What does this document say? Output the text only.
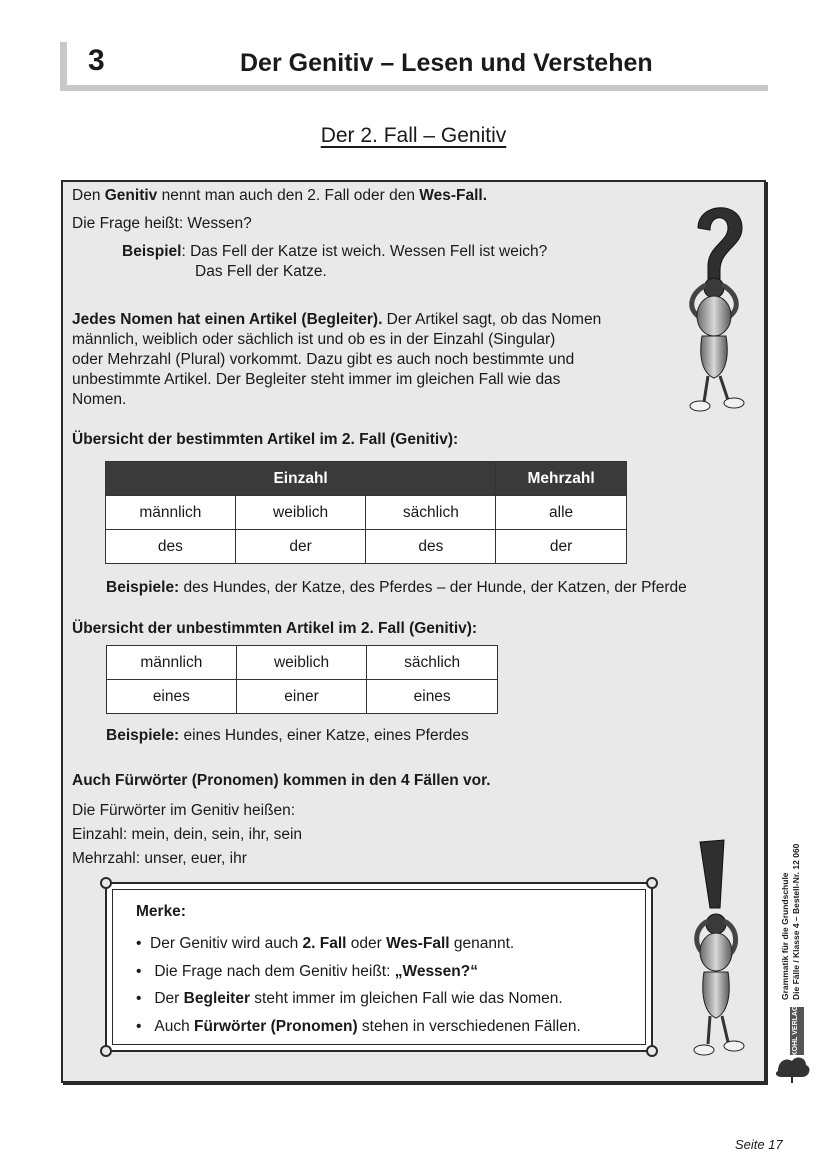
3	Der Genitiv – Lesen und Verstehen
Der 2. Fall – Genitiv
Den Genitiv nennt man auch den 2. Fall oder den Wes-Fall.
Die Frage heißt: Wessen?
Beispiel: Das Fell der Katze ist weich. Wessen Fell ist weich?
Das Fell der Katze.
Jedes Nomen hat einen Artikel (Begleiter). Der Artikel sagt, ob das Nomen
männlich, weiblich oder sächlich ist und ob es in der Einzahl (Singular)
oder Mehrzahl (Plural) vorkommt. Dazu gibt es auch noch bestimmte und
unbestimmte Artikel. Der Begleiter steht immer im gleichen Fall wie das
Nomen.
Übersicht der bestimmten Artikel im 2. Fall (Genitiv):
Einzahl			Mehrzahl
männlich	weiblich	sächlich	alle
des	der	des	der
Beispiele: des Hundes, der Katze, des Pferdes – der Hunde, der Katzen, der Pferde
Übersicht der unbestimmten Artikel im 2. Fall (Genitiv):
männlich	weiblich	sächlich
eines	einer	eines
Beispiele: eines Hundes, einer Katze, eines Pferdes
Auch Fürwörter (Pronomen) kommen in den 4 Fällen vor.
Die Fürwörter im Genitiv heißen:
Einzahl: mein, dein, sein, ihr, sein
Mehrzahl: unser, euer, ihr
Merke:
•  Der Genitiv wird auch 2. Fall oder Wes-Fall genannt.
•   Die Frage nach dem Genitiv heißt: „Wessen?“
•   Der Begleiter steht immer im gleichen Fall wie das Nomen.
•   Auch Fürwörter (Pronomen) stehen in verschiedenen Fällen.
Grammatik für die Grundschule Die Fälle / Klasse 4 – Bestell-Nr. 12 060
KOHL VERLAG
Seite 17
